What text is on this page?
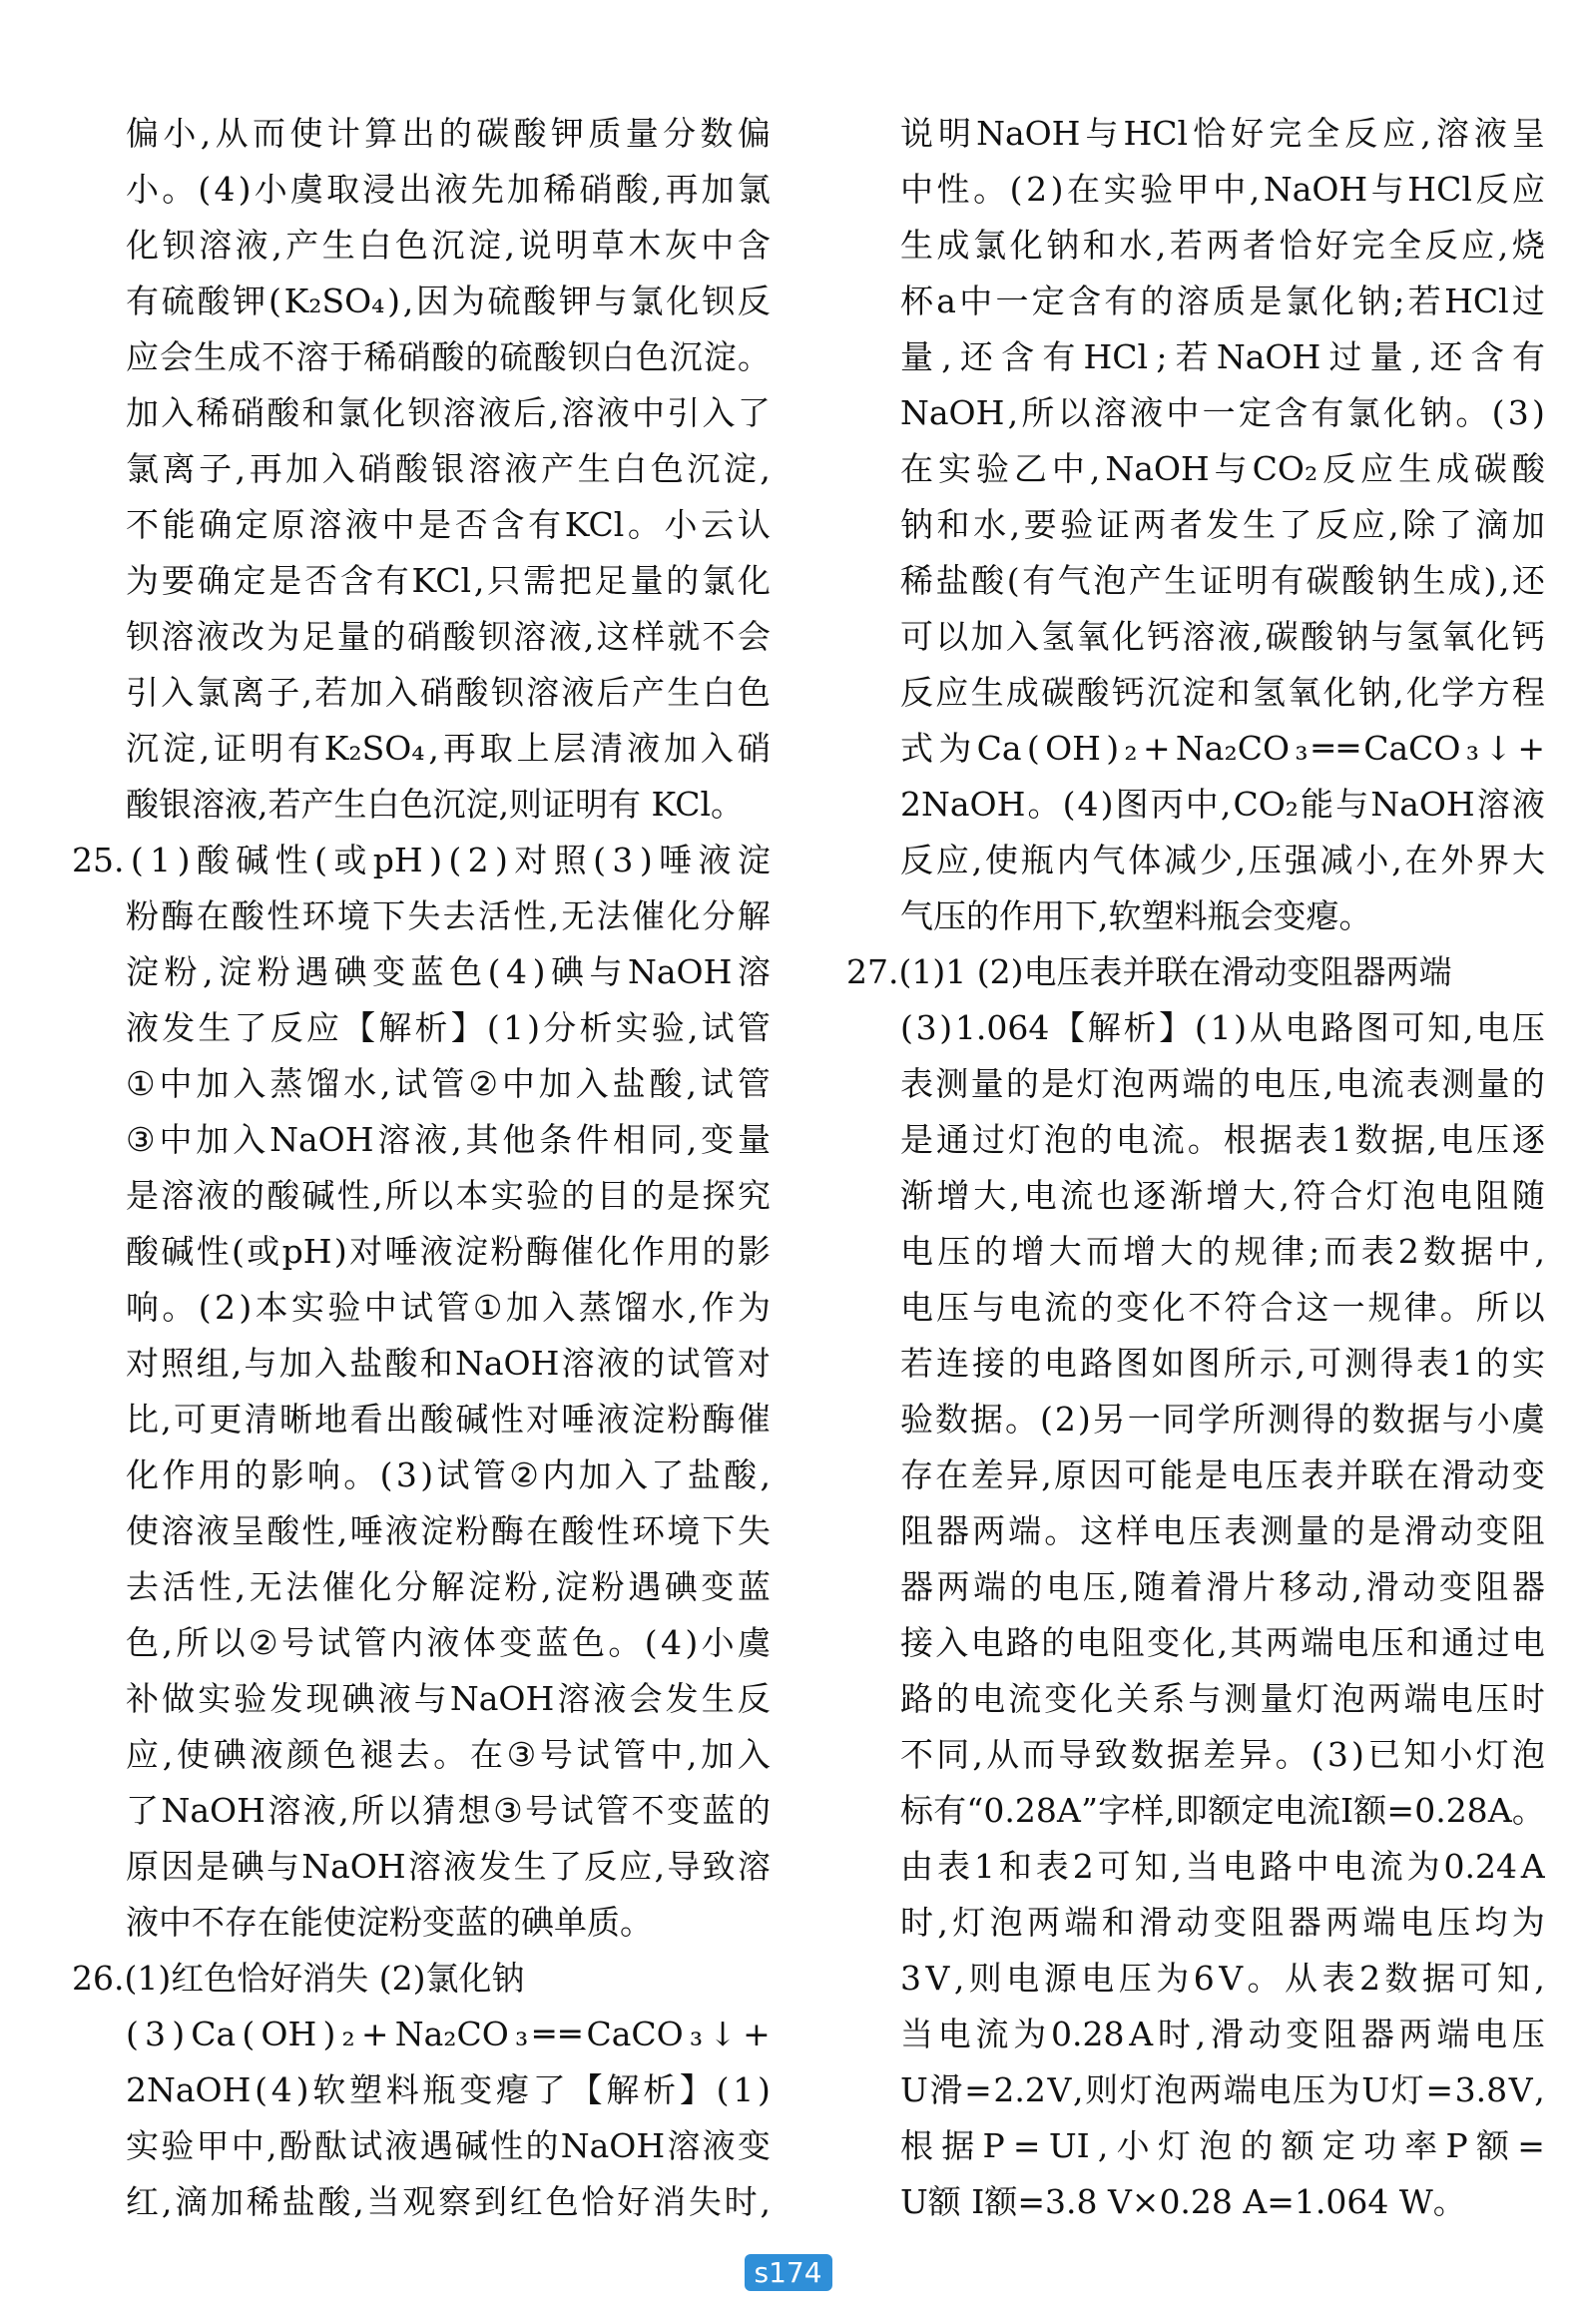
偏 小 , 从 而 使 计 算 出 的 碳 酸 钾 质 量 分 数 偏
小 。 ( 4 ) 小 虞 取 浸 出 液 先 加 稀 硝 酸 , 再 加 氯
化 钡 溶 液 , 产 生 白 色 沉 淀 , 说 明 草 木 灰 中 含
有 硫 酸 钾 ( K₂SO₄ ) , 因 为 硫 酸 钾 与 氯 化 钡 反
应 会 生 成 不 溶 于 稀 硝 酸 的 硫 酸 钡 白 色 沉 淀 。
加 入 稀 硝 酸 和 氯 化 钡 溶 液 后 , 溶 液 中 引 入 了
氯 离 子 , 再 加 入 硝 酸 银 溶 液 产 生 白 色 沉 淀 ,
不 能 确 定 原 溶 液 中 是 否 含 有 KCl 。 小 云 认
为 要 确 定 是 否 含 有 KCl , 只 需 把 足 量 的 氯 化
钡 溶 液 改 为 足 量 的 硝 酸 钡 溶 液 , 这 样 就 不 会
引 入 氯 离 子 , 若 加 入 硝 酸 钡 溶 液 后 产 生 白 色
沉 淀 , 证 明 有 K₂SO₄ , 再 取 上 层 清 液 加 入 硝
酸银溶液,若产生白色沉淀,则证明有 KCl。
25. ( 1 ) 酸 碱 性 ( 或 pH ) ( 2 ) 对 照 ( 3 ) 唾 液 淀
粉 酶 在 酸 性 环 境 下 失 去 活 性 , 无 法 催 化 分 解
淀 粉 , 淀 粉 遇 碘 变 蓝 色 ( 4 ) 碘 与 NaOH 溶
液 发 生 了 反 应 【 解 析 】 ( 1 ) 分 析 实 验 , 试 管
① 中 加 入 蒸 馏 水 , 试 管 ② 中 加 入 盐 酸 , 试 管
③ 中 加 入 NaOH 溶 液 , 其 他 条 件 相 同 , 变 量
是 溶 液 的 酸 碱 性 , 所 以 本 实 验 的 目 的 是 探 究
酸 碱 性 ( 或 pH ) 对 唾 液 淀 粉 酶 催 化 作 用 的 影
响 。 ( 2 ) 本 实 验 中 试 管 ① 加 入 蒸 馏 水 , 作 为
对 照 组 , 与 加 入 盐 酸 和 NaOH 溶 液 的 试 管 对
比 , 可 更 清 晰 地 看 出 酸 碱 性 对 唾 液 淀 粉 酶 催
化 作 用 的 影 响 。 ( 3 ) 试 管 ② 内 加 入 了 盐 酸 ,
使 溶 液 呈 酸 性 , 唾 液 淀 粉 酶 在 酸 性 环 境 下 失
去 活 性 , 无 法 催 化 分 解 淀 粉 , 淀 粉 遇 碘 变 蓝
色 , 所 以 ② 号 试 管 内 液 体 变 蓝 色 。 ( 4 ) 小 虞
补 做 实 验 发 现 碘 液 与 NaOH 溶 液 会 发 生 反
应 , 使 碘 液 颜 色 褪 去 。 在 ③ 号 试 管 中 , 加 入
了 NaOH 溶 液 , 所 以 猜 想 ③ 号 试 管 不 变 蓝 的
原 因 是 碘 与 NaOH 溶 液 发 生 了 反 应 , 导 致 溶
液中不存在能使淀粉变蓝的碘单质。
26.(1)红色恰好消失 (2)氯化钠
( 3 ) Ca ( OH ) ₂ + Na₂CO ₃ ═ ═ CaCO ₃ ↓ +
2NaOH ( 4 ) 软 塑 料 瓶 变 瘪 了 【 解 析 】 ( 1 )
实 验 甲 中 , 酚 酞 试 液 遇 碱 性 的 NaOH 溶 液 变
红 , 滴 加 稀 盐 酸 , 当 观 察 到 红 色 恰 好 消 失 时 ,
说 明 NaOH 与 HCl 恰 好 完 全 反 应 , 溶 液 呈
中 性 。 ( 2 ) 在 实 验 甲 中 , NaOH 与 HCl 反 应
生 成 氯 化 钠 和 水 , 若 两 者 恰 好 完 全 反 应 , 烧
杯 a 中 一 定 含 有 的 溶 质 是 氯 化 钠 ; 若 HCl 过
量 , 还 含 有 HCl ; 若 NaOH 过 量 , 还 含 有
NaOH , 所 以 溶 液 中 一 定 含 有 氯 化 钠 。 ( 3 )
在 实 验 乙 中 , NaOH 与 CO₂ 反 应 生 成 碳 酸
钠 和 水 , 要 验 证 两 者 发 生 了 反 应 , 除 了 滴 加
稀 盐 酸 ( 有 气 泡 产 生 证 明 有 碳 酸 钠 生 成 ) , 还
可 以 加 入 氢 氧 化 钙 溶 液 , 碳 酸 钠 与 氢 氧 化 钙
反 应 生 成 碳 酸 钙 沉 淀 和 氢 氧 化 钠 , 化 学 方 程
式 为 Ca ( OH ) ₂ + Na₂CO ₃ ═ ═ CaCO ₃ ↓ +
2NaOH 。 ( 4 ) 图 丙 中 , CO₂ 能 与 NaOH 溶 液
反 应 , 使 瓶 内 气 体 减 少 , 压 强 减 小 , 在 外 界 大
气压的作用下,软塑料瓶会变瘪。
27.(1)1 (2)电压表并联在滑动变阻器两端
( 3 ) 1.064 【 解 析 】 ( 1 ) 从 电 路 图 可 知 , 电 压
表 测 量 的 是 灯 泡 两 端 的 电 压 , 电 流 表 测 量 的
是 通 过 灯 泡 的 电 流 。 根 据 表 1 数 据 , 电 压 逐
渐 增 大 , 电 流 也 逐 渐 增 大 , 符 合 灯 泡 电 阻 随
电 压 的 增 大 而 增 大 的 规 律 ; 而 表 2 数 据 中 ,
电 压 与 电 流 的 变 化 不 符 合 这 一 规 律 。 所 以
若 连 接 的 电 路 图 如 图 所 示 , 可 测 得 表 1 的 实
验 数 据 。 ( 2 ) 另 一 同 学 所 测 得 的 数 据 与 小 虞
存 在 差 异 , 原 因 可 能 是 电 压 表 并 联 在 滑 动 变
阻 器 两 端 。 这 样 电 压 表 测 量 的 是 滑 动 变 阻
器 两 端 的 电 压 , 随 着 滑 片 移 动 , 滑 动 变 阻 器
接 入 电 路 的 电 阻 变 化 , 其 两 端 电 压 和 通 过 电
路 的 电 流 变 化 关 系 与 测 量 灯 泡 两 端 电 压 时
不 同 , 从 而 导 致 数 据 差 异 。 ( 3 ) 已 知 小 灯 泡
标 有 “ 0.28 A ” 字 样 , 即 额 定 电 流 I 额 = 0.28 A 。
由 表 1 和 表 2 可 知 , 当 电 路 中 电 流 为 0.24 A
时 , 灯 泡 两 端 和 滑 动 变 阻 器 两 端 电 压 均 为
3 V , 则 电 源 电 压 为 6 V 。 从 表 2 数 据 可 知 ,
当 电 流 为 0.28 A 时 , 滑 动 变 阻 器 两 端 电 压
U 滑 = 2.2 V , 则 灯 泡 两 端 电 压 为 U 灯 = 3.8 V ,
根 据 P = UI , 小 灯 泡 的 额 定 功 率 P 额 =
U额 I额=3.8 V×0.28 A=1.064 W。
s174
